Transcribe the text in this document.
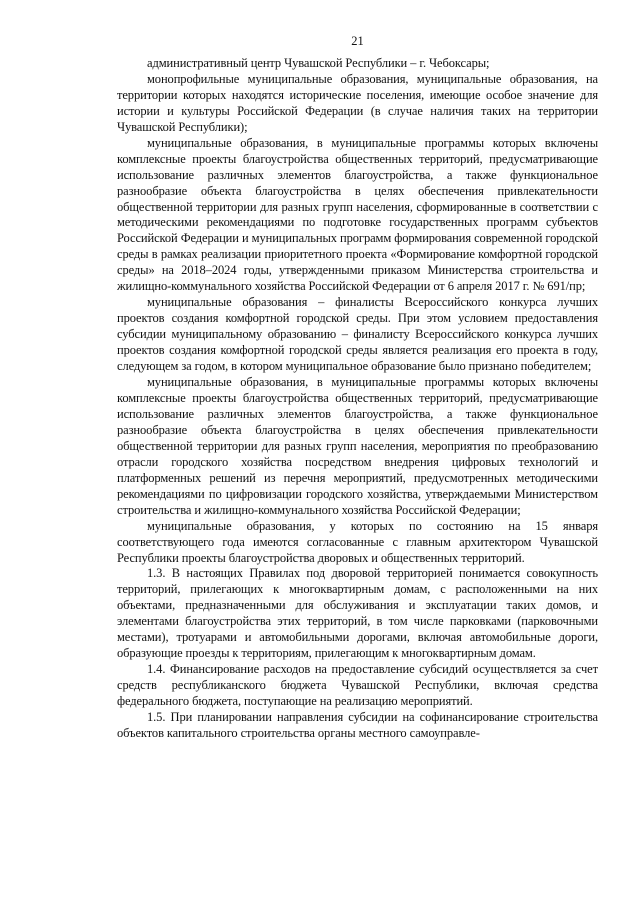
21

административный центр Чувашской Республики – г. Чебоксары;

монопрофильные муниципальные образования, муниципальные образования, на территории которых находятся исторические поселения, имеющие особое значение для истории и культуры Российской Федерации (в случае наличия таких на территории Чувашской Республики);

муниципальные образования, в муниципальные программы которых включены комплексные проекты благоустройства общественных территорий, предусматривающие использование различных элементов благоустройства, а также функциональное разнообразие объекта благоустройства в целях обеспечения привлекательности общественной территории для разных групп населения, сформированные в соответствии с методическими рекомендациями по подготовке государственных программ субъектов Российской Федерации и муниципальных программ формирования современной городской среды в рамках реализации приоритетного проекта «Формирование комфортной городской среды» на 2018–2024 годы, утвержденными приказом Министерства строительства и жилищно-коммунального хозяйства Российской Федерации от 6 апреля 2017 г. № 691/пр;

муниципальные образования – финалисты Всероссийского конкурса лучших проектов создания комфортной городской среды. При этом условием предоставления субсидии муниципальному образованию – финалисту Всероссийского конкурса лучших проектов создания комфортной городской среды является реализация его проекта в году, следующем за годом, в котором муниципальное образование было признано победителем;

муниципальные образования, в муниципальные программы которых включены комплексные проекты благоустройства общественных территорий, предусматривающие использование различных элементов благоустройства, а также функциональное разнообразие объекта благоустройства в целях обеспечения привлекательности общественной территории для разных групп населения, мероприятия по преобразованию отрасли городского хозяйства посредством внедрения цифровых технологий и платформенных решений из перечня мероприятий, предусмотренных методическими рекомендациями по цифровизации городского хозяйства, утверждаемыми Министерством строительства и жилищно-коммунального хозяйства Российской Федерации;

муниципальные образования, у которых по состоянию на 15 января соответствующего года имеются согласованные с главным архитектором Чувашской Республики проекты благоустройства дворовых и общественных территорий.

1.3. В настоящих Правилах под дворовой территорией понимается совокупность территорий, прилегающих к многоквартирным домам, с расположенными на них объектами, предназначенными для обслуживания и эксплуатации таких домов, и элементами благоустройства этих территорий, в том числе парковками (парковочными местами), тротуарами и автомобильными дорогами, включая автомобильные дороги, образующие проезды к территориям, прилегающим к многоквартирным домам.

1.4. Финансирование расходов на предоставление субсидий осуществляется за счет средств республиканского бюджета Чувашской Республики, включая средства федерального бюджета, поступающие на реализацию мероприятий.

1.5. При планировании направления субсидии на софинансирование строительства объектов капитального строительства органы местного самоуправле-
